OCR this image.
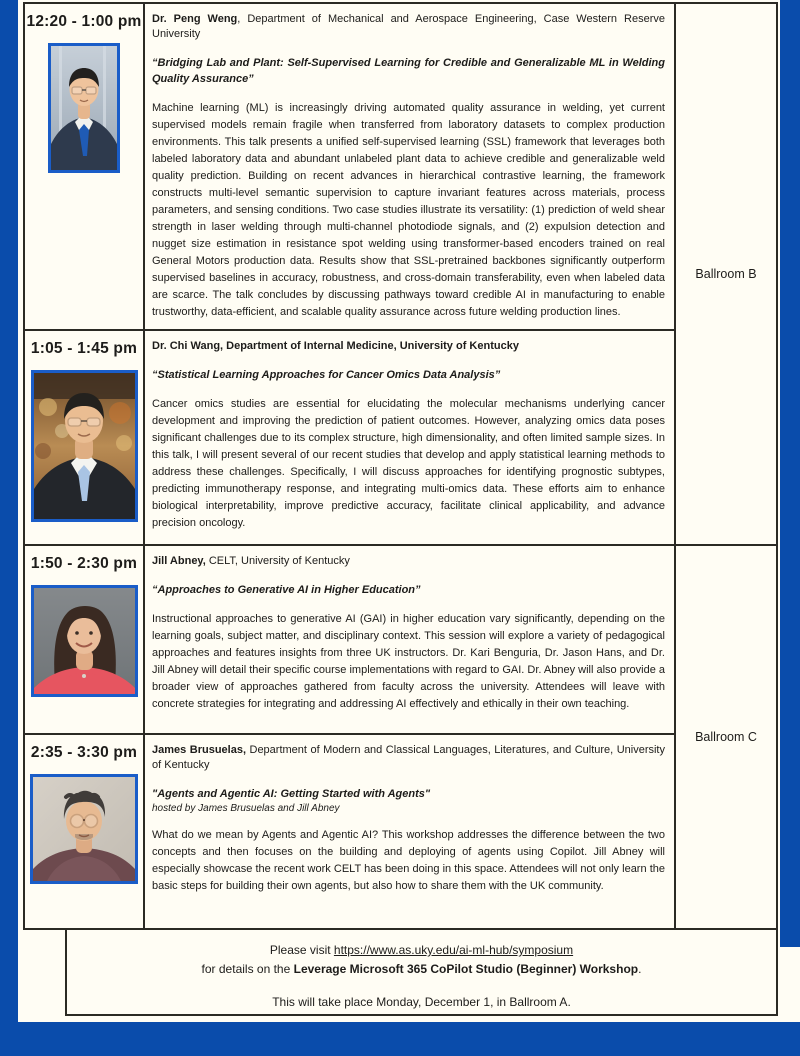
12:20 - 1:00 pm Dr. Peng Weng, Department of Mechanical and Aerospace Engineering, Case Western Reserve University
“Bridging Lab and Plant: Self-Supervised Learning for Credible and Generalizable ML in Welding Quality Assurance”
Machine learning (ML) is increasingly driving automated quality assurance in welding, yet current supervised models remain fragile when transferred from laboratory datasets to complex production environments. This talk presents a unified self-supervised learning (SSL) framework that leverages both labeled laboratory data and abundant unlabeled plant data to achieve credible and generalizable weld quality prediction. Building on recent advances in hierarchical contrastive learning, the framework constructs multi-level semantic supervision to capture invariant features across materials, process parameters, and sensing conditions. Two case studies illustrate its versatility: (1) prediction of weld shear strength in laser welding through multi-channel photodiode signals, and (2) expulsion detection and nugget size estimation in resistance spot welding using transformer-based encoders trained on real General Motors production data. Results show that SSL-pretrained backbones significantly outperform supervised baselines in accuracy, robustness, and cross-domain transferability, even when labeled data are scarce. The talk concludes by discussing pathways toward credible AI in manufacturing to enable trustworthy, data-efficient, and scalable quality assurance across future welding production lines.
Ballroom B
1:05 - 1:45 pm	Dr. Chi Wang, Department of Internal Medicine, University of Kentucky
“Statistical Learning Approaches for Cancer Omics Data Analysis”
Cancer omics studies are essential for elucidating the molecular mechanisms underlying cancer development and improving the prediction of patient outcomes. However, analyzing omics data poses significant challenges due to its complex structure, high dimensionality, and often limited sample sizes. In this talk, I will present several of our recent studies that develop and apply statistical learning methods to address these challenges. Specifically, I will discuss approaches for identifying prognostic subtypes, predicting immunotherapy response, and integrating multi-omics data. These efforts aim to enhance biological interpretability, improve predictive accuracy, facilitate clinical applicability, and advance precision oncology.
1:50 - 2:30 pm	Jill Abney, CELT, University of Kentucky
“Approaches to Generative AI in Higher Education”
Instructional approaches to generative AI (GAI) in higher education vary significantly, depending on the learning goals, subject matter, and disciplinary context. This session will explore a variety of pedagogical approaches and features insights from three UK instructors. Dr. Kari Benguria, Dr. Jason Hans, and Dr. Jill Abney will detail their specific course implementations with regard to GAI. Dr. Abney will also provide a broader view of approaches gathered from faculty across the university. Attendees will leave with concrete strategies for integrating and addressing AI effectively and ethically in their own teaching.
Ballroom C
2:35 - 3:30 pm	James Brusuelas, Department of Modern and Classical Languages, Literatures, and Culture, University of Kentucky
"Agents and Agentic AI: Getting Started with Agents"
hosted by James Brusuelas and Jill Abney
What do we mean by Agents and Agentic AI? This workshop addresses the difference between the two concepts and then focuses on the building and deploying of agents using Copilot. Jill Abney will especially showcase the recent work CELT has been doing in this space. Attendees will not only learn the basic steps for building their own agents, but also how to share them with the UK community.
Please visit https://www.as.uky.edu/ai-ml-hub/symposium
for details on the Leverage Microsoft 365 CoPilot Studio (Beginner) Workshop.
This will take place Monday, December 1, in Ballroom A.
